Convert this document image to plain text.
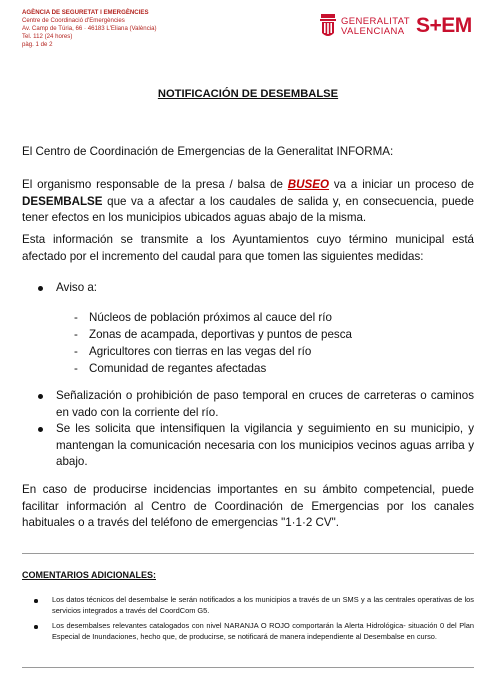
AGÈNCIA DE SEGURETAT I EMERGÈNCIES
Centre de Coordinació d'Emergències
Av. Camp de Túria, 66 · 46183 L'Eliana (València)
Tel. 112 (24 hores)
pàg. 1 de 2
GENERALITAT
VALENCIANA S+EM
NOTIFICACIÓN DE DESEMBALSE
El Centro de Coordinación de Emergencias de la Generalitat INFORMA:
El organismo responsable de la presa / balsa de BUSEO va a iniciar un proceso de DESEMBALSE que va a afectar a los caudales de salida y, en consecuencia, puede tener efectos en los municipios ubicados aguas abajo de la misma.
Esta información se transmite a los Ayuntamientos cuyo término municipal está afectado por el incremento del caudal para que tomen las siguientes medidas:
Aviso a:
- Núcleos de población próximos al cauce del río
- Zonas de acampada, deportivas y puntos de pesca
- Agricultores con tierras en las vegas del río
- Comunidad de regantes afectadas
Señalización o prohibición de paso temporal en cruces de carreteras o caminos en vado con la corriente del río.
Se les solicita que intensifiquen la vigilancia y seguimiento en su municipio, y mantengan la comunicación necesaria con los municipios vecinos aguas arriba y abajo.
En caso de producirse incidencias importantes en su ámbito competencial, puede facilitar información al Centro de Coordinación de Emergencias por los canales habituales o a través del teléfono de emergencias "1·1·2 CV".
COMENTARIOS ADICIONALES:
Los datos técnicos del desembalse le serán notificados a los municipios a través de un SMS y a las centrales operativas de los servicios integrados a través del CoordCom G5.
Los desembalses relevantes catalogados con nivel NARANJA O ROJO comportarán la Alerta Hidrológica- situación 0 del Plan Especial de Inundaciones, hecho que, de producirse, se notificará de manera independiente al Desembalse en curso.
